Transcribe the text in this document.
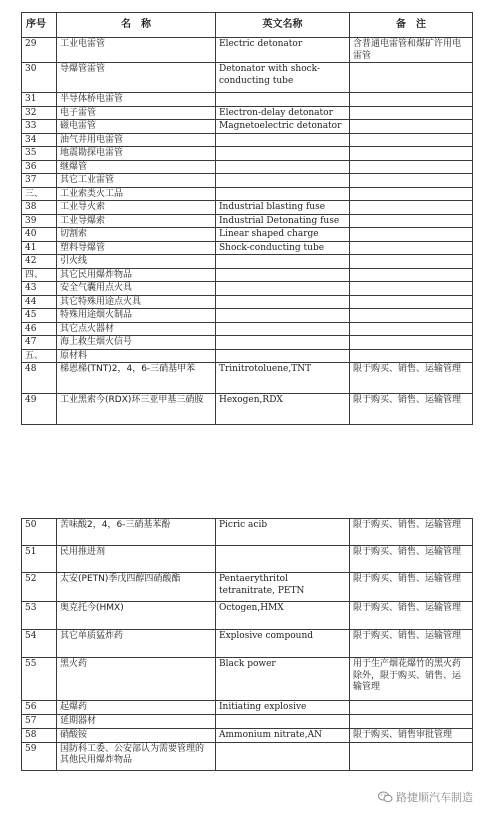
序号	名　称	英文名称	备　注
29	工业电雷管	Electric detonator	含普通电雷管和煤矿许用电雷管
30	导爆管雷管	Detonator with shock-conducting tube	
31	半导体桥电雷管		
32	电子雷管	Electron-delay detonator	
33	磁电雷管	Magnetoelectric detonator	
34	油气井用电雷管		
35	地震勘探电雷管		
36	继爆管		
37	其它工业雷管		
三、	工业索类火工品		
38	工业导火索	Industrial blasting fuse	
39	工业导爆索	Industrial Detonating fuse	
40	切割索	Linear shaped charge	
41	塑料导爆管	Shock-conducting tube	
42	引火线		
四、	其它民用爆炸物品		
43	安全气囊用点火具		
44	其它特殊用途点火具		
45	特殊用途烟火制品		
46	其它点火器材		
47	海上救生烟火信号		
五、	原材料		
48	梯恩梯(TNT)2，4，6-三硝基甲苯	Trinitrotoluene,TNT	限于购买、销售、运输管理
49	工业黑索今(RDX)环三亚甲基三硝胺	Hexogen,RDX	限于购买、销售、运输管理
50	苦味酸2，4，6-三硝基苯酚	Picric acib	限于购买、销售、运输管理
51	民用推进剂		限于购买、销售、运输管理
52	太安(PETN)季戊四醇四硝酸酯	Pentaerythritol tetranitrate, PETN	限于购买、销售、运输管理
53	奥克托今(HMX)	Octogen,HMX	限于购买、销售、运输管理
54	其它单质猛炸药	Explosive compound	限于购买、销售、运输管理
55	黑火药	Black power	用于生产烟花爆竹的黑火药除外，限于购买、销售、运输管理
56	起爆药	Initiating explosive	
57	延期器材		
58	硝酸铵	Ammonium nitrate,AN	限于购买、销售审批管理
59	国防科工委、公安部认为需要管理的其他民用爆炸物品		
路捷顺汽车制造
